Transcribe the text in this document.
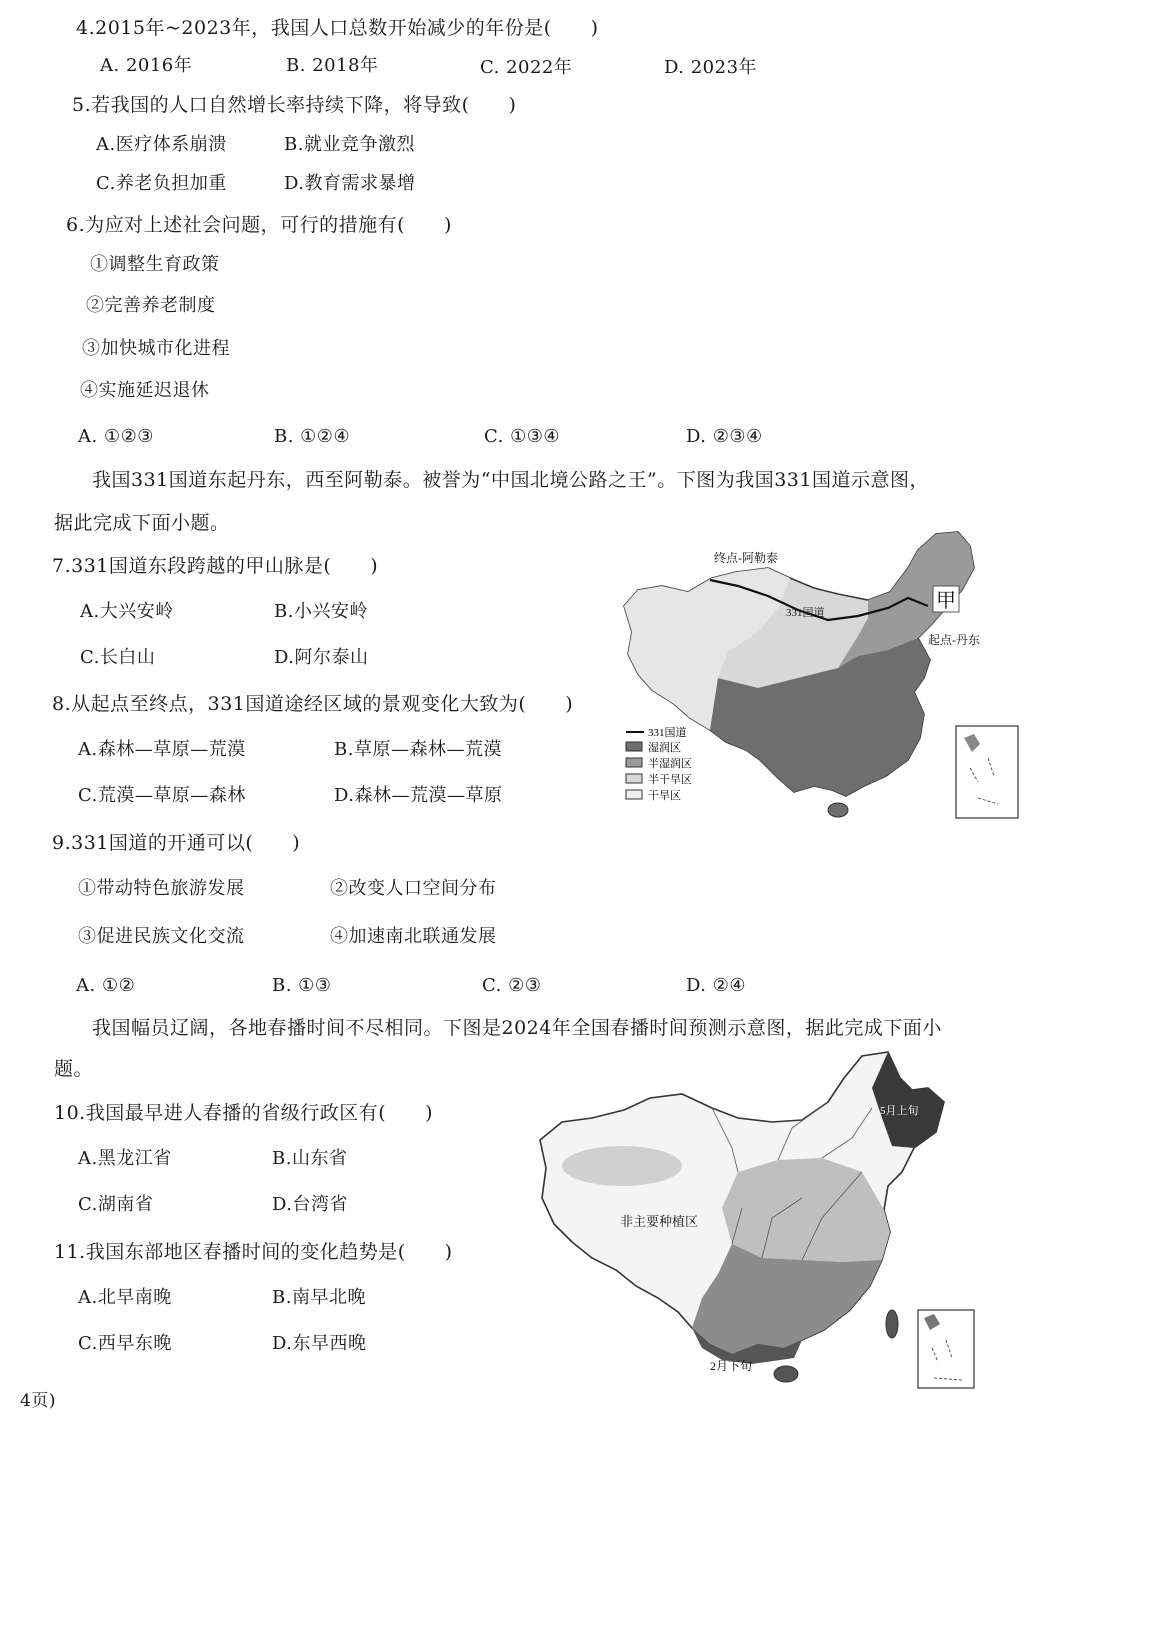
4.2015年~2023年，我国人口总数开始减少的年份是(　　)
A. 2016年	B. 2018年	C. 2022年	D. 2023年
5.若我国的人口自然增长率持续下降，将导致(　　)
A.医疗体系崩溃	B.就业竞争激烈
C.养老负担加重	D.教育需求暴增
6.为应对上述社会问题，可行的措施有(　　)
①调整生育政策
②完善养老制度
③加快城市化进程
④实施延迟退休
A. ①②③	B. ①②④	C. ①③④	D. ②③④
我国331国道东起丹东，西至阿勒泰。被誉为“中国北境公路之王”。下图为我国331国道示意图，
据此完成下面小题。
7.331国道东段跨越的甲山脉是(　　)
A.大兴安岭	B.小兴安岭
C.长白山	D.阿尔泰山
8.从起点至终点，331国道途经区域的景观变化大致为(　　)
A.森林—草原—荒漠	B.草原—森林—荒漠
C.荒漠—草原—森林	D.森林—荒漠—草原
9.331国道的开通可以(　　)
①带动特色旅游发展	②改变人口空间分布
③促进民族文化交流	④加速南北联通发展
A. ①②	B. ①③	C. ②③	D. ②④
我国幅员辽阔，各地春播时间不尽相同。下图是2024年全国春播时间预测示意图，据此完成下面小
题。
10.我国最早进人春播的省级行政区有(　　)
A.黑龙江省	B.山东省
C.湖南省	D.台湾省
11.我国东部地区春播时间的变化趋势是(　　)
A.北早南晚	B.南早北晚
C.西早东晚	D.东早西晚
4页)
终点-阿勒泰
331国道
甲
起点-丹东
331国道
湿润区
半湿润区
半干旱区
干旱区
非主要种植区
2月下旬
5月上旬
